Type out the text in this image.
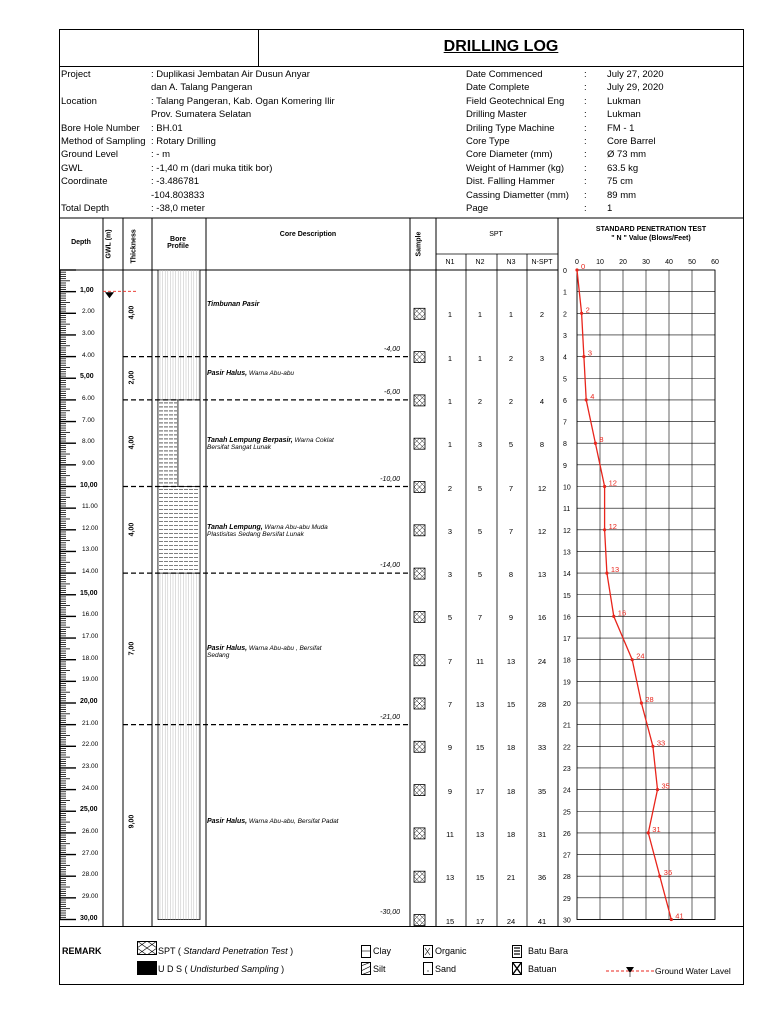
DRILLING LOG
Project	: Duplikasi Jembatan Air Dusun Anyar
dan A. Talang Pangeran
Location	: Talang Pangeran, Kab. Ogan Komering Ilir
Prov. Sumatera Selatan
Bore Hole Number : BH.01
Method of Sampling : Rotary Drilling
Ground Level	: - m
GWL	: -1,40 m (dari muka titik bor)
Coordinate	: -3.486781
-104.803833
Total Depth	: -38,0 meter
Date Commenced	: July 27, 2020
Date Complete	: July 29, 2020
Field Geotechnical Eng : Lukman
Drilling Master	: Lukman
Driling Type Machine	: FM - 1
Core Type	: Core Barrel
Core Diameter (mm)	: Ø 73 mm
Weight of Hammer (kg) : 63.5 kg
Dist. Falling Hammer	: 75 cm
Cassing Diametter (mm) : 89 mm
Page	: 1
0 10 20 30 40 50 60
0
1
2
3
4
5
6
7
8
9
10
11
12
13
14
15
16
17
18
19
20
21
22
23
24
25
26
27
28
29
30
0
2
3
4
8
12
12
13
16
24
28
33
35
31
36
41
Depth	GWL (m)	Thickness	Bore Profile
Core Description	Sample	SPT
N1	N2	N3	N-SPT
STANDARD PENETRATION TEST
" N " Value (Blows/Feet)
1,00
2.00
3.00
4.00
5,00
6.00
7.00
8.00
9.00
10,00
11.00
12.00
13.00
14.00
15,00
16.00
17.00
18.00
19.00
20,00
21.00
22.00
23.00
24.00
25,00
26.00
27.00
28.00
29.00
30,00
4,00
Timbunan Pasir
-4,00
2,00	Pasir Halus, Warna Abu-abu
-6,00
4,00	Tanah Lempung Berpasir, Warna Coklat
Bersifat Sangat Lunak
-10,00
4,00	Tanah Lempung, Warna Abu-abu Muda
Plastisitas Sedang Bersifat Lunak
-14,00
7,00	Pasir Halus, Warna Abu-abu , Bersifat
Sedang
-21,00
9,00	Pasir Halus, Warna Abu-abu, Bersifat Padat
-30,00
1	1	1	2
1	1	2	3
1	2	2	4
1	3	5	8
2	5	7	12
3	5	7	12
3	5	8	13
5	7	9	16
7	11	13	24
7	13	15	28
9	15	18	33
9	17	18	35
11	13	18	31
13	15	21	36
15	17	24	41
REMARK	SPT ( Standard Penetration Test )
U D S ( Undisturbed Sampling )
Clay
Silt
Organic
Sand
Batu Bara
Batuan	Ground Water Lavel
